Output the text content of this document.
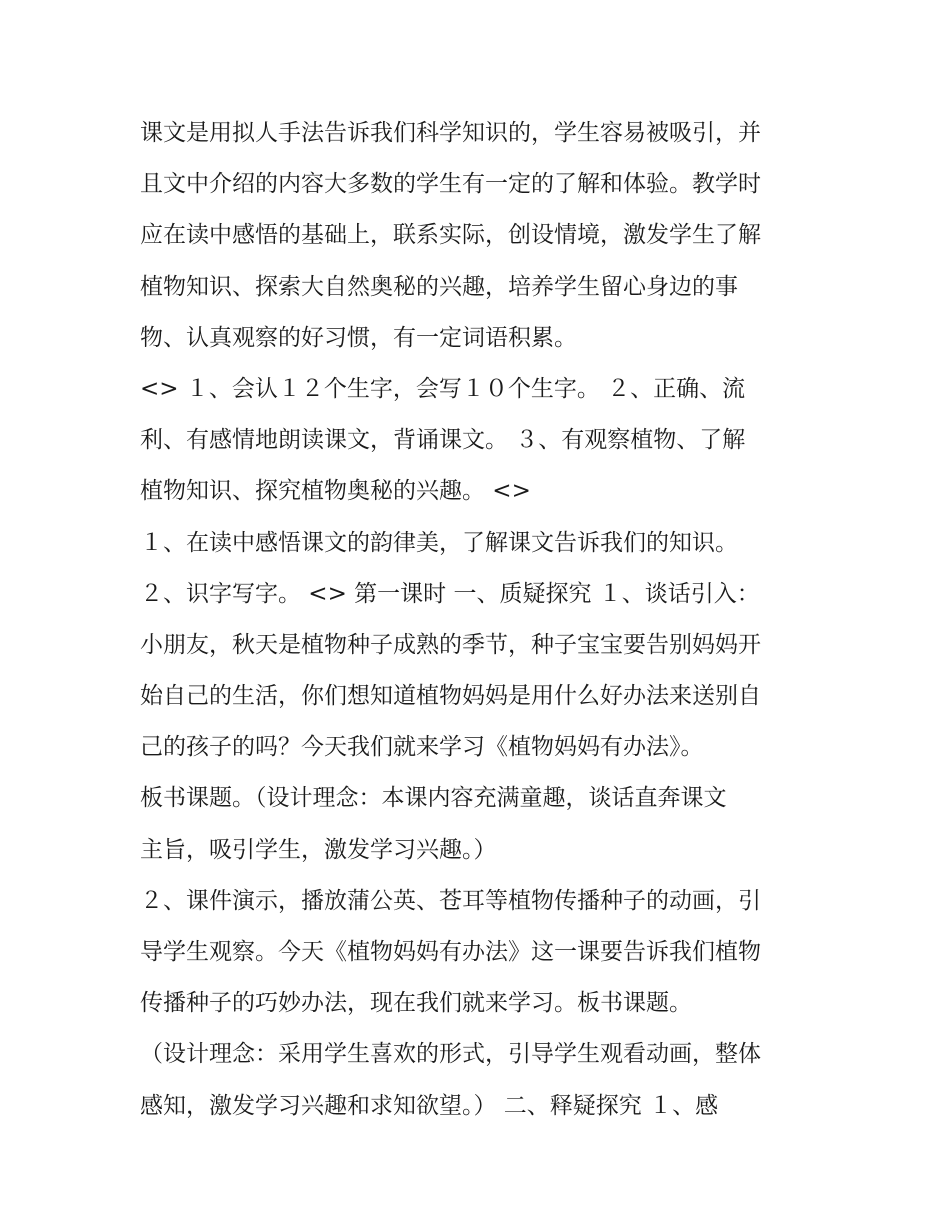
课文是用拟人手法告诉我们科学知识的，学生容易被吸引，并
且文中介绍的内容大多数的学生有一定的了解和体验。教学时
应在读中感悟的基础上，联系实际，创设情境，激发学生了解
植物知识、探索大自然奥秘的兴趣，培养学生留心身边的事
物、认真观察的好习惯，有一定词语积累。
<> １、会认１２个生字，会写１０个生字。 ２、正确、流
利、有感情地朗读课文，背诵课文。 ３、有观察植物、了解
植物知识、探究植物奥秘的兴趣。 <>
１、在读中感悟课文的韵律美，了解课文告诉我们的知识。
２、识字写字。 <> 第一课时 一、质疑探究 １、谈话引入：
小朋友，秋天是植物种子成熟的季节，种子宝宝要告别妈妈开
始自己的生活，你们想知道植物妈妈是用什么好办法来送别自
己的孩子的吗？今天我们就来学习《植物妈妈有办法》。
板书课题。（设计理念：本课内容充满童趣，谈话直奔课文
主旨，吸引学生，激发学习兴趣。）
２、课件演示，播放蒲公英、苍耳等植物传播种子的动画，引
导学生观察。今天《植物妈妈有办法》这一课要告诉我们植物
传播种子的巧妙办法，现在我们就来学习。板书课题。
（设计理念：采用学生喜欢的形式，引导学生观看动画，整体
感知，激发学习兴趣和求知欲望。） 二、释疑探究 １、感
